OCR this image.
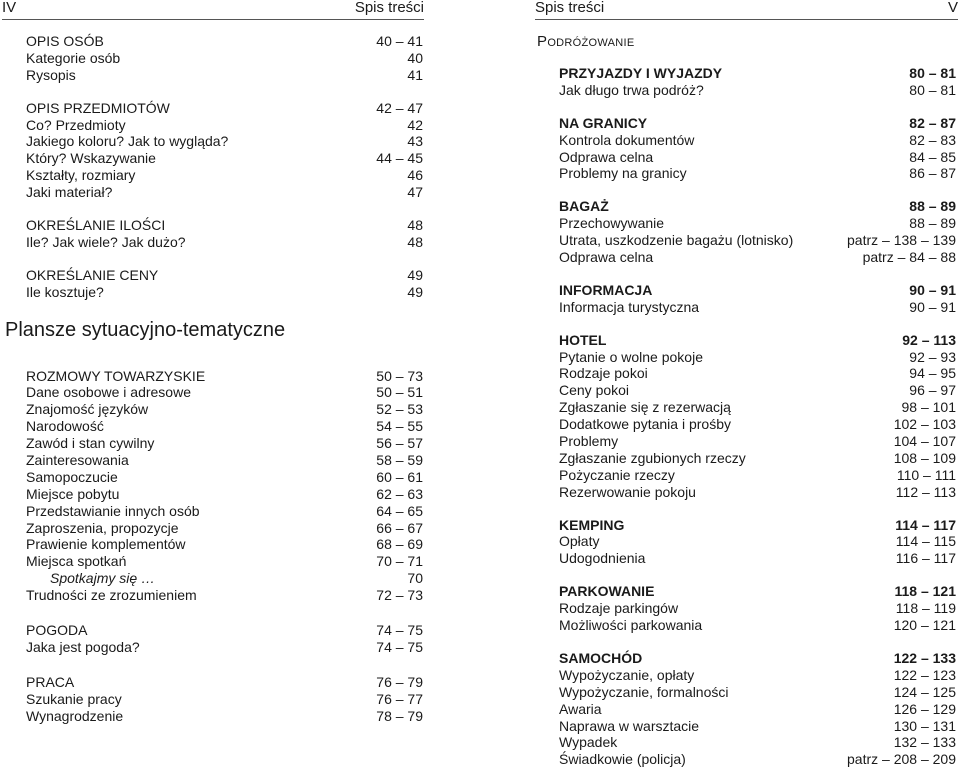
IV	Spis treści	Spis treści	V
OPIS OSÓB	40 – 41
Kategorie osób	40
Rysopis	41
OPIS PRZEDMIOTÓW	42 – 47
Co? Przedmioty	42
Jakiego koloru? Jak to wygląda?	43
Który? Wskazywanie	44 – 45
Kształty, rozmiary	46
Jaki materiał?	47
OKREŚLANIE ILOŚCI	48
Ile? Jak wiele? Jak dużo?	48
OKREŚLANIE CENY	49
Ile kosztuje?	49
Plansze sytuacyjno-tematyczne
ROZMOWY TOWARZYSKIE	50 – 73
Dane osobowe i adresowe	50 – 51
Znajomość języków	52 – 53
Narodowość	54 – 55
Zawód i stan cywilny	56 – 57
Zainteresowania	58 – 59
Samopoczucie	60 – 61
Miejsce pobytu	62 – 63
Przedstawianie innych osób	64 – 65
Zaproszenia, propozycje	66 – 67
Prawienie komplementów	68 – 69
Miejsca spotkań	70 – 71
Spotkajmy się …	70
Trudności ze zrozumieniem	72 – 73
POGODA	74 – 75
Jaka jest pogoda?	74 – 75
PRACA	76 – 79
Szukanie pracy	76 – 77
Wynagrodzenie	78 – 79
PODRÓŻOWANIE
PRZYJAZDY I WYJAZDY	80 – 81
Jak długo trwa podróż?	80 – 81
NA GRANICY	82 – 87
Kontrola dokumentów	82 – 83
Odprawa celna	84 – 85
Problemy na granicy	86 – 87
BAGAŻ	88 – 89
Przechowywanie	88 – 89
Utrata, uszkodzenie bagażu (lotnisko)	patrz – 138 – 139
Odprawa celna	patrz – 84 – 88
INFORMACJA	90 – 91
Informacja turystyczna	90 – 91
HOTEL	92 – 113
Pytanie o wolne pokoje	92 – 93
Rodzaje pokoi	94 – 95
Ceny pokoi	96 – 97
Zgłaszanie się z rezerwacją	98 – 101
Dodatkowe pytania i prośby	102 – 103
Problemy	104 – 107
Zgłaszanie zgubionych rzeczy	108 – 109
Pożyczanie rzeczy	110 – 111
Rezerwowanie pokoju	112 – 113
KEMPING	114 – 117
Opłaty	114 – 115
Udogodnienia	116 – 117
PARKOWANIE	118 – 121
Rodzaje parkingów	118 – 119
Możliwości parkowania	120 – 121
SAMOCHÓD	122 – 133
Wypożyczanie, opłaty	122 – 123
Wypożyczanie, formalności	124 – 125
Awaria	126 – 129
Naprawa w warsztacie	130 – 131
Wypadek	132 – 133
Świadkowie (policja)	patrz – 208 – 209
